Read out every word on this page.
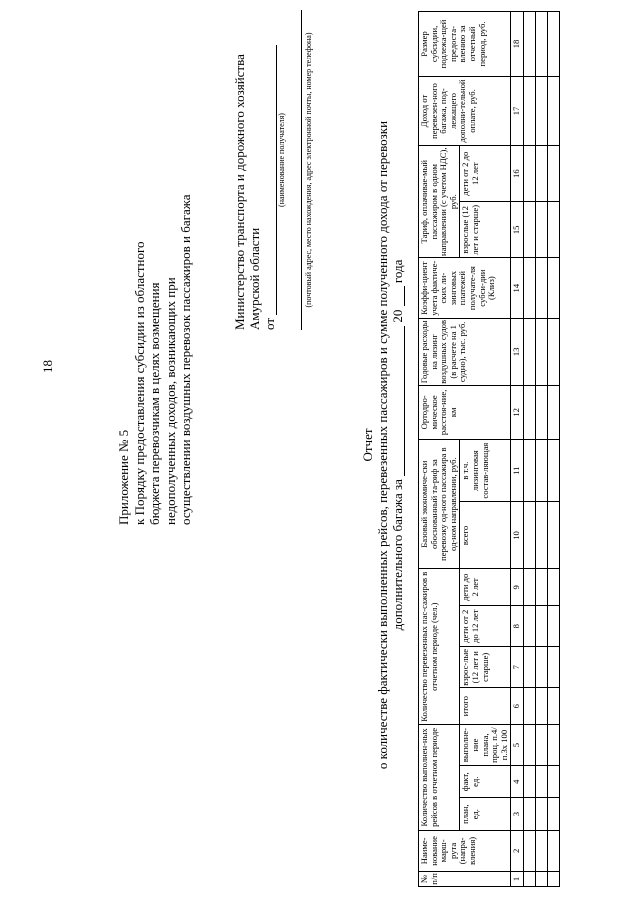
18
Приложение № 5 к Порядку предоставления субсидии из областного бюджета перевозчикам в целях возмещения недополученных доходов, возникающих при осуществлении воздушных перевозок пассажиров и багажа
Министерство транспорта и дорожного хозяйства Амурской области от
(наименование получателя)	(почтовый адрес, место нахождения, адрес электронной почты, номер телефона)
Отчет о количестве фактически выполненных рейсов, перевезенных пассажиров и сумме полученного дохода от перевозки дополнительного багажа за  20  года
№ п/п	Наиме-нование марш-рута (напра-вления)	Количество выполнен-ных рейсов в отчетном периоде			Количество перевезенных пас-сажиров в отчетном периоде (чел.)				Базовый экономиче-ски обоснованный та-риф за перевозку од-ного пассажира в од-ном направлении, руб.		Ортодро-мическое расстоя-ние, км	Годовые расходы на лизинг воздушных судов (в расчете на 1 судно), тыс. руб.	Коэффи-циент учета фактиче-ских ли-зинговых платежей получате-ля субси-дии (Клиз)	Тариф, оплачивае-мый пассажиром в одном направлении (с учетом НДС), руб.		Доход от перевезен-ного багажа, под-лежащего дополни-тельной оплате, руб.	Размер субсидии, подлежа-щей предоста-влению за отчетный период, руб.
		план, ед.	факт, ед.	выполне-ние плана, проц. п.4/п.3х 100	итого	взрос-лые (12 лет и старше)	дети от 2 до 12 лет	дети до 2 лет	всего	в т.ч. лизинговая состав-ляющая				взрослые (12 лет и старше)	дети от 2 до 12 лет		
1	2	3	4	5	6	7	8	9	10	11	12	13	14	15	16	17	18
